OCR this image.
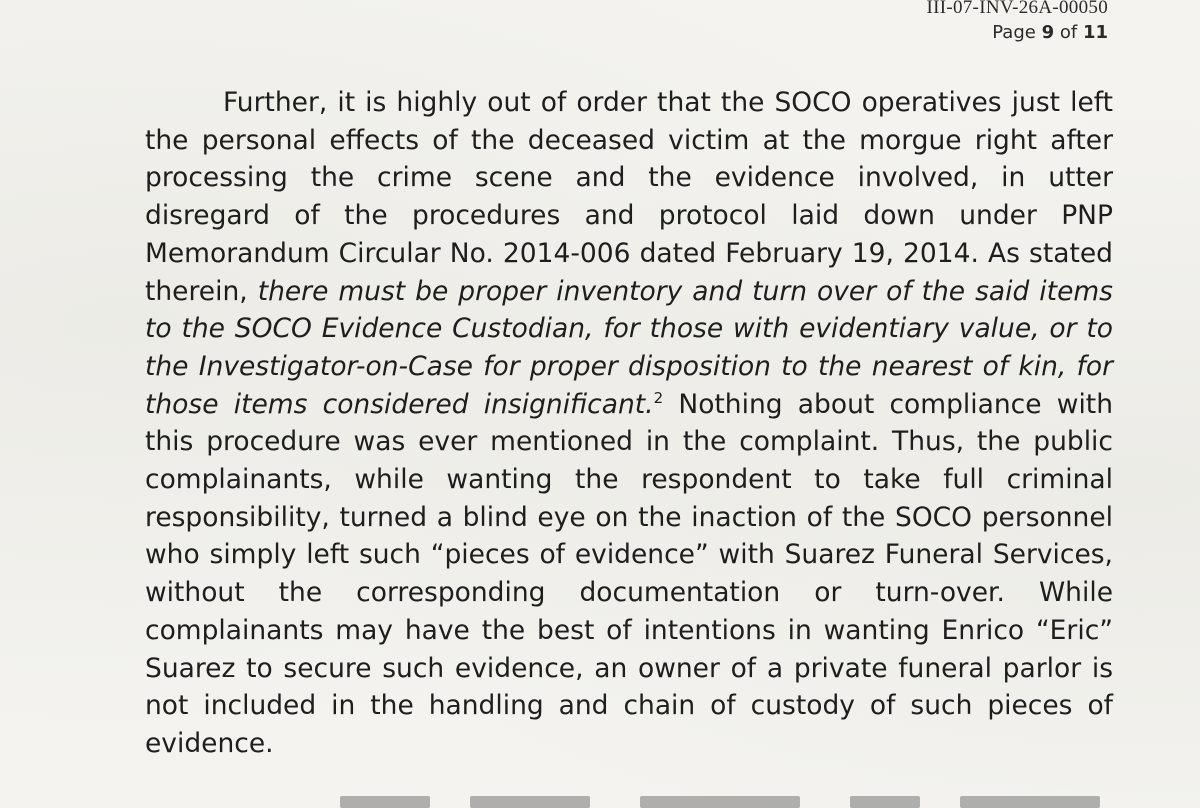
III-07-INV-26A-00050
Page 9 of 11

Further, it is highly out of order that the SOCO operatives just left the personal effects of the deceased victim at the morgue right after processing the crime scene and the evidence involved, in utter disregard of the procedures and protocol laid down under PNP Memorandum Circular No. 2014-006 dated February 19, 2014. As stated therein, there must be proper inventory and turn over of the said items to the SOCO Evidence Custodian, for those with evidentiary value, or to the Investigator-on-Case for proper disposition to the nearest of kin, for those items considered insignificant.$^2$ Nothing about compliance with this procedure was ever mentioned in the complaint. Thus, the public complainants, while wanting the respondent to take full criminal responsibility, turned a blind eye on the inaction of the SOCO personnel who simply left such “pieces of evidence” with Suarez Funeral Services, without the corresponding documentation or turn-over. While complainants may have the best of intentions in wanting Enrico “Eric” Suarez to secure such evidence, an owner of a private funeral parlor is not included in the handling and chain of custody of such pieces of evidence.
